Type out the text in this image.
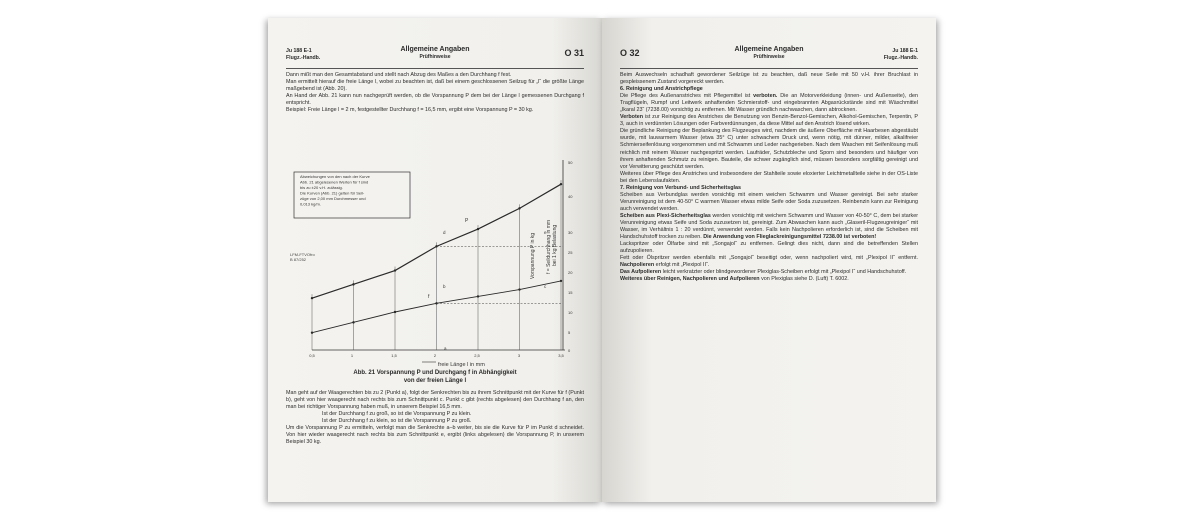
Ju 188 E-1
Flugz.-Handb.
Allgemeine Angaben
Prüfhinweise	O 31

Dann mißt man den Gesamtabstand und stellt nach Abzug des Maßes a den Durchhang f fest.

Man ermittelt hierauf die freie Länge l, wobei zu beachten ist, daß bei einem geschlossenen Seilzug für „l“ die größte Länge maßgebend ist (Abb. 20).

An Hand der Abb. 21 kann nun nachgeprüft werden, ob die Vorspannung P dem bei der Länge l gemessenen Durchgang f entspricht.

Beispiel: Freie Länge l = 2 m, festgestellter Durchhang f = 16,5 mm, ergibt eine Vorspannung P = 30 kg.

Abweichungen von den nach der Kurve
Abb. 21 abgelesenen Werten für f sind
bis zu ±20 v.H. zulässig.
Die Kurven (Abb. 21) gelten für Seil-
züge von 2,00 mm Durchmesser und
0,013 kg/m.
LFM-FTVOfro
B 87/252	Vorspannung P in kg f = Seildurchhang in mm bei 1 kg Belastung
freie Länge l in mm
P
a
b	c
d	e
f
0,5	1	1,5	2	2,5	3	3,5
50
40
30
25
20
15
10
5
0
Abb. 21 Vorspannung P und Durchgang f in Abhängigkeit
von der freien Länge l

Man geht auf der Waagerechten bis zu 2 (Punkt a), folgt der Senkrechten bis zu ihrem Schnittpunkt mit der Kurve für f (Punkt b), geht von hier waagerecht nach rechts bis zum Schnittpunkt c. Punkt c gibt (rechts abgelesen) den Durchhang f an, den man bei richtiger Vorspannung haben muß, in unserem Beispiel 16,5 mm.

Ist der Durchhang f zu groß, so ist die Vorspannung P zu klein.

Ist der Durchhang f zu klein, so ist die Vorspannung P zu groß.

Um die Vorspannung P zu ermitteln, verfolgt man die Senkrechte a–b weiter, bis sie die Kurve für P im Punkt d schneidet. Von hier wieder waagerecht nach rechts bis zum Schnittpunkt e, ergibt (links abgelesen) die Vorspannung P, in unserem Beispiel 30 kg.

O 32	Allgemeine Angaben
Prüfhinweise
Ju 188 E-1
Flugz.-Handb.

Beim Auswechseln schadhaft gewordener Seilzüge ist zu beachten, daß neue Seile mit 50 v.H. ihrer Bruchlast in gespleissenem Zustand vorgereckt werden.

6. Reinigung und Anstrichpflege

Die Pflege des Außenanstriches mit Pflegemittel ist verboten. Die an Motorverkleidung (innen- und Außenseite), den Tragflügeln, Rumpf und Leitwerk anhaftenden Schmierstoff- und eingebrannten Abgasrückstände sind mit Wäschmittel „Ikaral 23“ (7238.00) vorsichtig zu entfernen. Mit Wasser gründlich nachwaschen, dann abtrocknen.

Verboten ist zur Reinigung des Anstriches die Benutzung von Benzin-Benzol-Gemischen, Alkohol-Gemischen, Terpentin, P 3, auch in verdünnten Lösungen oder Farbverdünnungen, da diese Mittel auf den Anstrich lösend wirken.

Die gründliche Reinigung der Beplankung des Flugzeuges wird, nachdem die äußere Oberfläche mit Haarbesen abgestäubt wurde, mit lauwarmem Wasser (etwa 35° C) unter schwachem Druck und, wenn nötig, mit dünner, milder, alkalifreier Schmierseifenlösung vorgenommen und mit Schwamm und Leder nachgerieben. Nach dem Waschen mit Seifenlösung muß reichlich mit reinem Wasser nachgespritzt werden. Laufräder, Schutzbleche und Sporn sind besonders und häufiger von ihrem anhaftenden Schmutz zu reinigen. Bauteile, die schwer zugänglich sind, müssen besonders sorgfältig gereinigt und vor Verwitterung geschützt werden.

Weiteres über Pflege des Anstriches und insbesondere der Stahlteile sowie eloxierter Leichtmetallteile siehe in der OS-Liste bei den Lebenslaufakten.

7. Reinigung von Verbund- und Sicherheitsglas

Scheiben aus Verbundglas werden vorsichtig mit einem weichen Schwamm und Wasser gereinigt. Bei sehr starker Verunreinigung ist dem 40-50° C warmen Wasser etwas milde Seife oder Soda zuzusetzen. Reinbenzin kann zur Reinigung auch verwendet werden.

Scheiben aus Plexi-Sicherheitsglas werden vorsichtig mit weichem Schwamm und Wasser von 40-50° C, dem bei starker Verunreinigung etwas Seife und Soda zuzusetzen ist, gereinigt. Zum Abwaschen kann auch „Glaseril-Flugzeugreiniger“ mit Wasser, im Verhältnis 1 : 20 verdünnt, verwendet werden. Falls kein Nachpolieren erforderlich ist, sind die Scheiben mit Handschuhstoff trocken zu reiben. Die Anwendung von Flieglackreinigungsmittel 7238.00 ist verboten!

Lackspritzer oder Ölfarbe sind mit „Songajol“ zu entfernen. Gelingt dies nicht, dann sind die betreffenden Stellen aufzupolieren.

Fett oder Ölspritzer werden ebenfalls mit „Songajol“ beseitigt oder, wenn nachpoliert wird, mit „Plexipol II“ entfernt. Nachpolieren erfolgt mit „Plexipol II“.

Das Aufpolieren leicht verkratzter oder blindgewordener Plexiglas-Scheiben erfolgt mit „Plexipol I“ und Handschuhstoff.

Weiteres über Reinigen, Nachpolieren und Aufpolieren von Plexiglas siehe D. (Luft) T. 6002.
